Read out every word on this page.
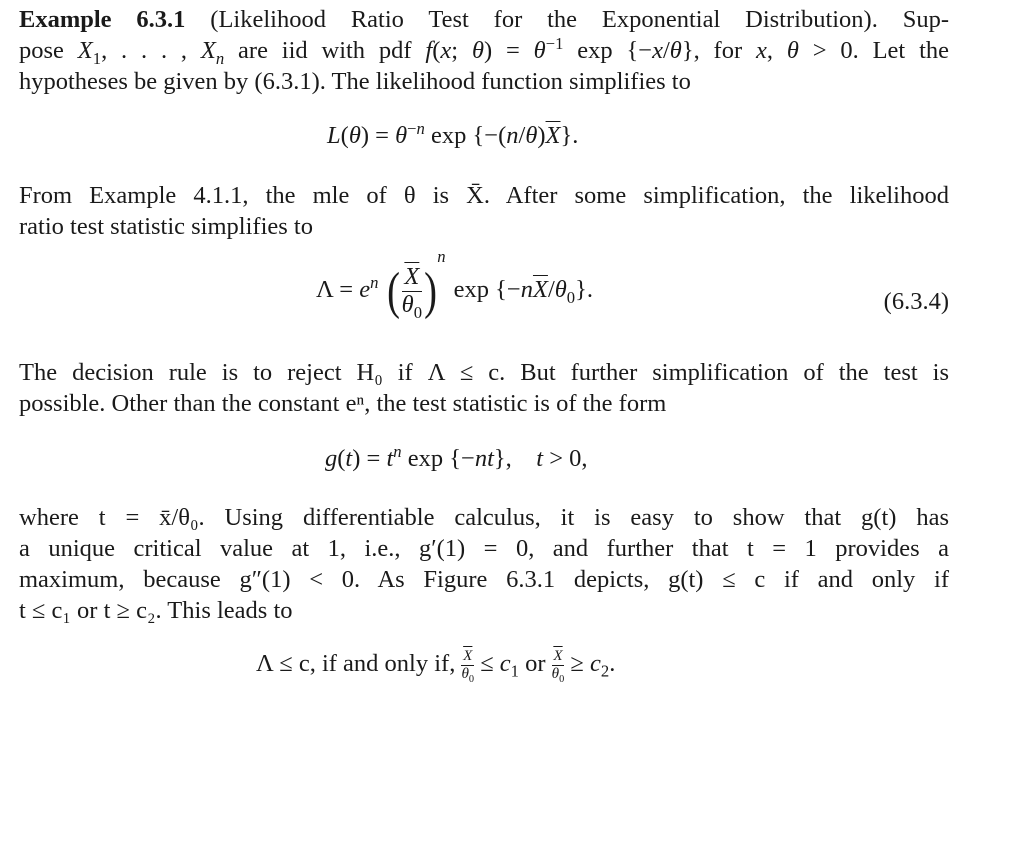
Example 6.3.1 (Likelihood Ratio Test for the Exponential Distribution). Sup-
pose $X_1$, . . . , $X_n$ are iid with pdf f(x; $\theta) = \theta^{-1}$ exp {−x/θ}, for x, θ > 0. Let the
hypotheses be given by (6.3.1). The likelihood function simplifies to
$L(\theta) = \theta^{-n}$ $\exp \{-(n/\theta)\overline{X}\}$.
From Example 4.1.1, the mle of θ is X̄. After some simplification, the likelihood
ratio test statistic simplifies to
$\Lambda = e^n$ ( $\frac{\overline{X}}{\theta_0} )^n$ $\exp \{-n\overline{X}/\theta_0\}$.	(6.3.4)
The decision rule is to reject H₀ if Λ ≤ c. But further simplification of the test is
possible. Other than the constant eⁿ, the test statistic is of the form
$g(t) = t^n$ exp {−nt},    t > 0,
where t = x̄/θ₀. Using differentiable calculus, it is easy to show that g(t) has
a unique critical value at 1, i.e., g′(1) = 0, and further that t = 1 provides a
maximum, because g″(1) < 0. As Figure 6.3.1 depicts, g(t) ≤ c if and only if
t ≤ c₁ or t ≥ c₂. This leads to
Λ ≤ c, if and only if, $\frac{\overline{X}}{\theta_0} \le c_1$ or $\frac{\overline{X}}{\theta_0} \ge c_2$.
